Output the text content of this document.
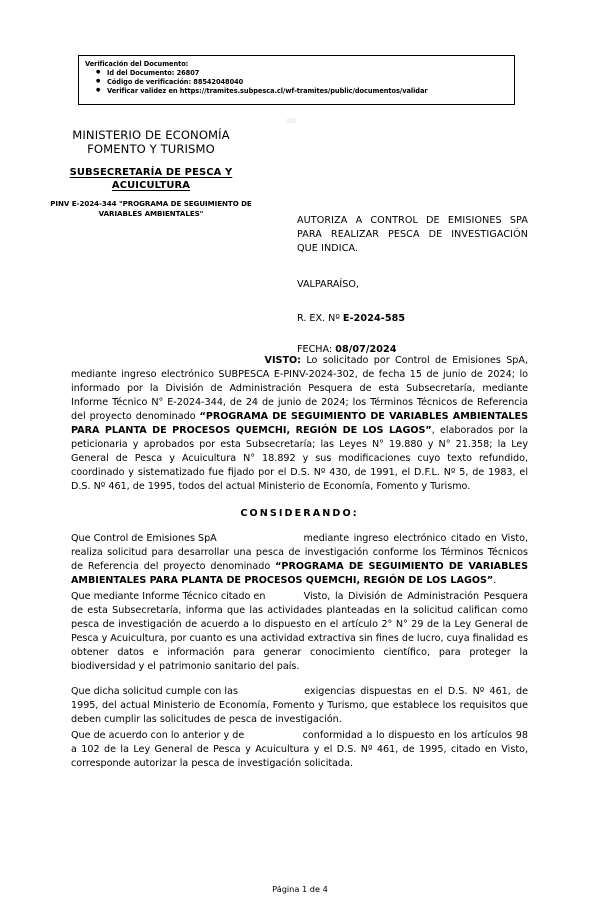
Verificación del Documento:
● Id del Documento: 26807
● Código de verificación: 88542048040
● Verificar validez en https://tramites.subpesca.cl/wf-tramites/public/documentos/validar
MINISTERIO DE ECONOMÍA
FOMENTO Y TURISMO
SUBSECRETARÍA DE PESCA Y
ACUICULTURA
PINV E-2024-344 "PROGRAMA DE SEGUIMIENTO DE VARIABLES AMBIENTALES"
AUTORIZA A CONTROL DE EMISIONES SPA PARA REALIZAR PESCA DE INVESTIGACIÓN QUE INDICA.
VALPARAÍSO,
R. EX. Nº E-2024-585
FECHA: 08/07/2024

VISTO: Lo solicitado por Control de Emisiones SpA, mediante ingreso electrónico SUBPESCA E-PINV-2024-302, de fecha 15 de junio de 2024; lo informado por la División de Administración Pesquera de esta Subsecretaría, mediante Informe Técnico N° E-2024-344, de 24 de junio de 2024; los Términos Técnicos de Referencia del proyecto denominado “PROGRAMA DE SEGUIMIENTO DE VARIABLES AMBIENTALES PARA PLANTA DE PROCESOS QUEMCHI, REGIÓN DE LOS LAGOS”, elaborados por la peticionaria y aprobados por esta Subsecretaría; las Leyes N° 19.880 y N° 21.358; la Ley General de Pesca y Acuicultura N° 18.892 y sus modificaciones cuyo texto refundido, coordinado y sistematizado fue fijado por el D.S. Nº 430, de 1991, el D.F.L. Nº 5, de 1983, el D.S. Nº 461, de 1995, todos del actual Ministerio de Economía, Fomento y Turismo.

CONSIDERANDO:

Que Control de Emisiones SpA	mediante ingreso electrónico citado en Visto, realiza solicitud para desarrollar una pesca de investigación conforme los Términos Técnicos de Referencia del proyecto denominado “PROGRAMA DE SEGUIMIENTO DE VARIABLES AMBIENTALES PARA PLANTA DE PROCESOS QUEMCHI, REGIÓN DE LOS LAGOS”.

Que mediante Informe Técnico citado en	Visto, la División de Administración Pesquera de esta Subsecretaría, informa que las actividades planteadas en la solicitud califican como pesca de investigación de acuerdo a lo dispuesto en el artículo 2° N° 29 de la Ley General de Pesca y Acuicultura, por cuanto es una actividad extractiva sin fines de lucro, cuya finalidad es obtener datos e información para generar conocimiento científico, para proteger la biodiversidad y el patrimonio sanitario del país.

Que dicha solicitud cumple con las	exigencias dispuestas en el D.S. Nº 461, de 1995, del actual Ministerio de Economía, Fomento y Turismo, que establece los requisitos que deben cumplir las solicitudes de pesca de investigación.

Que de acuerdo con lo anterior y de	conformidad a lo dispuesto en los artículos 98 a 102 de la Ley General de Pesca y Acuicultura y el D.S. Nº 461, de 1995, citado en Visto, corresponde autorizar la pesca de investigación solicitada.

Página 1 de 4
